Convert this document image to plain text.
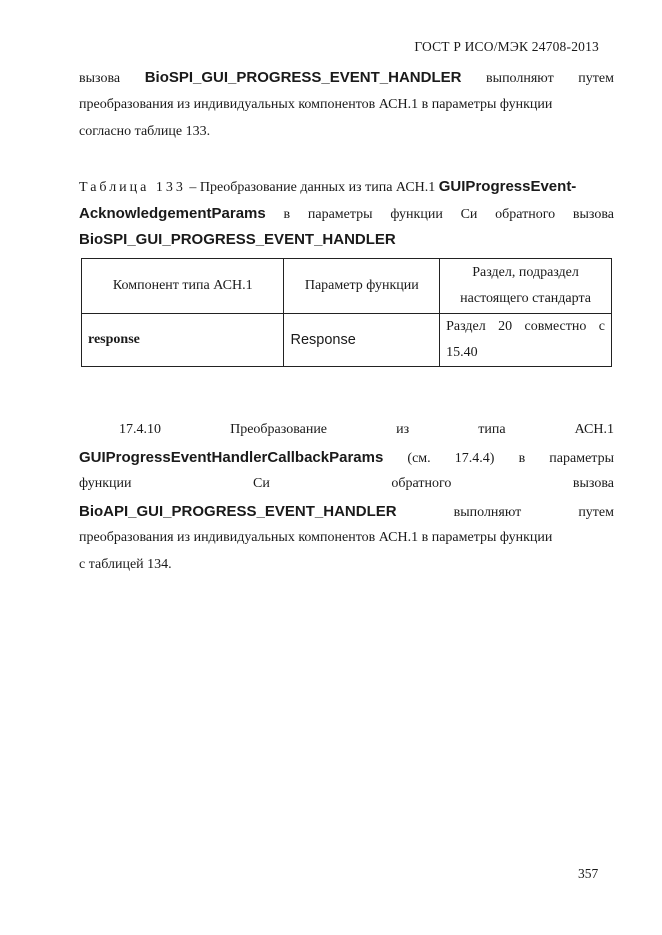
ГОСТ Р ИСО/МЭК 24708-2013
вызова BioSPI_GUI_PROGRESS_EVENT_HANDLER выполняют путем
преобразования из индивидуальных компонентов АСН.1 в параметры функции
согласно таблице 133.
Таблица 133 – Преобразование данных из типа АСН.1 GUIProgressEvent-
AcknowledgementParams в параметры функции Си обратного вызова
BioSPI_GUI_PROGRESS_EVENT_HANDLER
Компонент типа АСН.1	Параметр функции	Раздел, подраздел
настоящего стандарта

response	Response	Раздел 20 совместно с
15.40
17.4.10	Преобразование	из	типа	АСН.1
GUIProgressEventHandlerCallbackParams (см. 17.4.4) в параметры
функции	Си	обратного	вызова
BioAPI_GUI_PROGRESS_EVENT_HANDLER	выполняют	путем
преобразования из индивидуальных компонентов АСН.1 в параметры функции
с таблицей 134.
357
